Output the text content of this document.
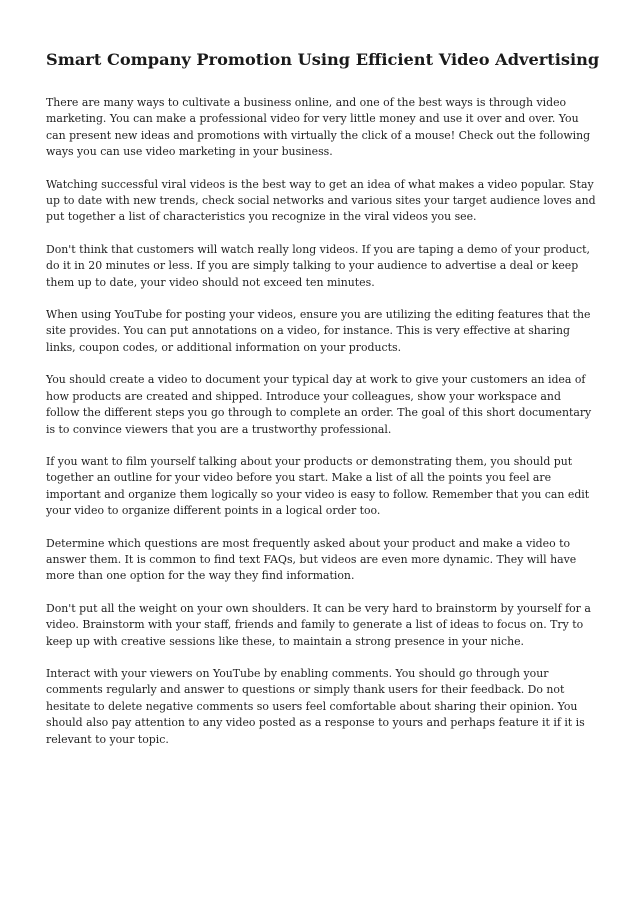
Smart Company Promotion Using Efficient Video Advertising

There are many ways to cultivate a business online, and one of the best ways is through video marketing. You can make a professional video for very little money and use it over and over. You can present new ideas and promotions with virtually the click of a mouse! Check out the following ways you can use video marketing in your business.

Watching successful viral videos is the best way to get an idea of what makes a video popular. Stay up to date with new trends, check social networks and various sites your target audience loves and put together a list of characteristics you recognize in the viral videos you see.

Don't think that customers will watch really long videos. If you are taping a demo of your product, do it in 20 minutes or less. If you are simply talking to your audience to advertise a deal or keep them up to date, your video should not exceed ten minutes.

When using YouTube for posting your videos, ensure you are utilizing the editing features that the site provides. You can put annotations on a video, for instance. This is very effective at sharing links, coupon codes, or additional information on your products.

You should create a video to document your typical day at work to give your customers an idea of how products are created and shipped. Introduce your colleagues, show your workspace and follow the different steps you go through to complete an order. The goal of this short documentary is to convince viewers that you are a trustworthy professional.

If you want to film yourself talking about your products or demonstrating them, you should put together an outline for your video before you start. Make a list of all the points you feel are important and organize them logically so your video is easy to follow. Remember that you can edit your video to organize different points in a logical order too.

Determine which questions are most frequently asked about your product and make a video to answer them. It is common to find text FAQs, but videos are even more dynamic. They will have more than one option for the way they find information.

Don't put all the weight on your own shoulders. It can be very hard to brainstorm by yourself for a video. Brainstorm with your staff, friends and family to generate a list of ideas to focus on. Try to keep up with creative sessions like these, to maintain a strong presence in your niche.

Interact with your viewers on YouTube by enabling comments. You should go through your comments regularly and answer to questions or simply thank users for their feedback. Do not hesitate to delete negative comments so users feel comfortable about sharing their opinion. You should also pay attention to any video posted as a response to yours and perhaps feature it if it is relevant to your topic.
